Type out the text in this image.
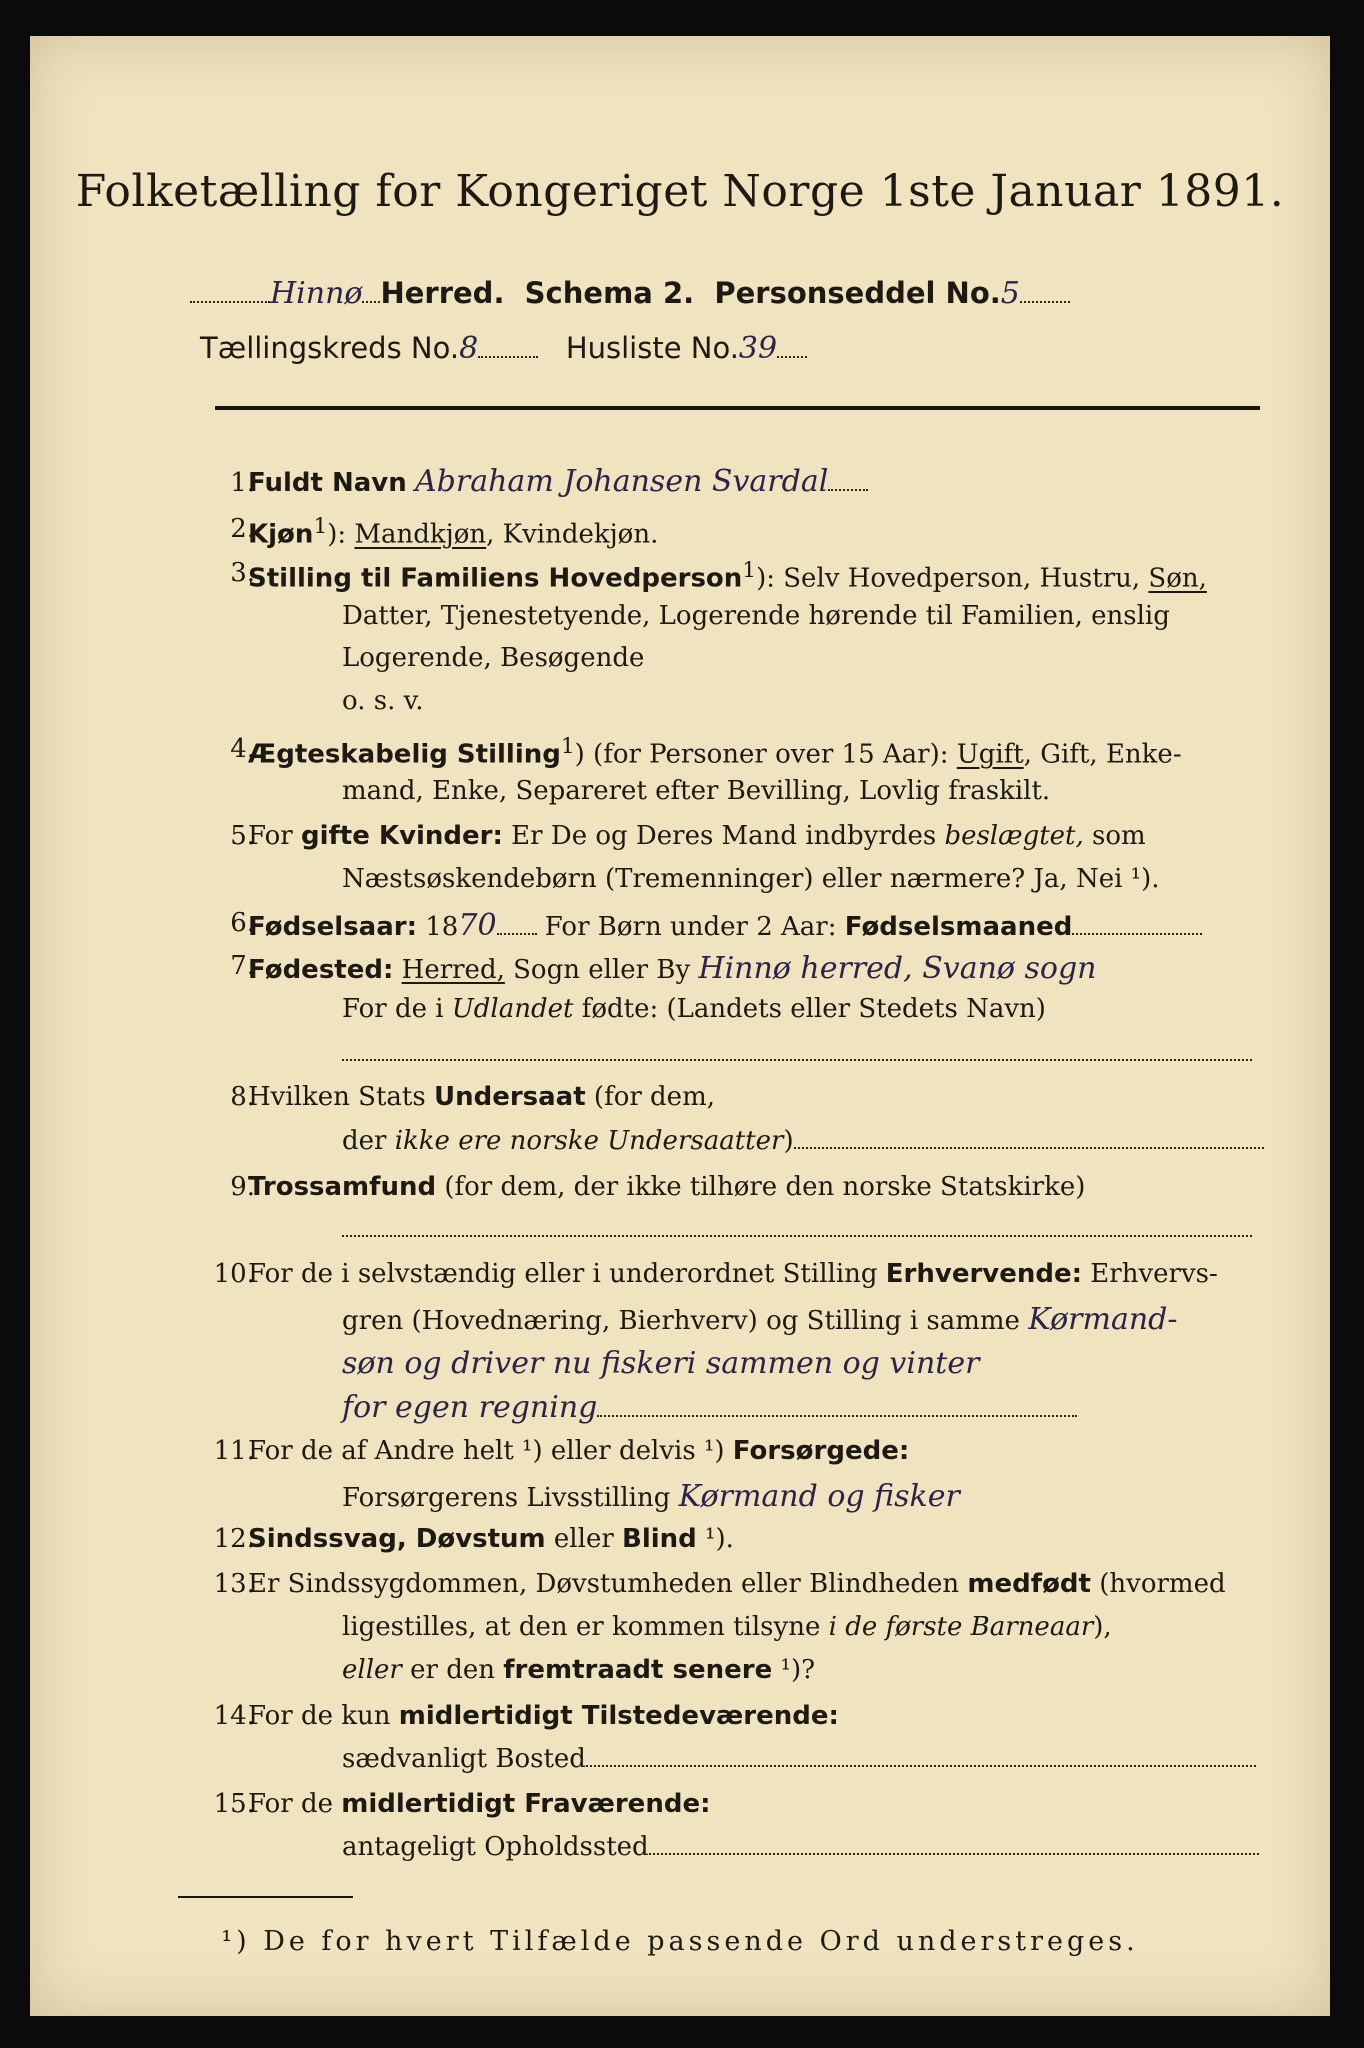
Folketælling for Kongeriget Norge 1ste Januar 1891.
Hinnø Herred. Schema 2. Personseddel No.5
Tællingskreds No.8	Husliste No.39
1.
Fuldt Navn Abraham Johansen Svardal
2.
Kjøn$^1$): Mandkjøn, Kvindekjøn.
3.
Stilling til Familiens Hovedperson$^1$): Selv Hovedperson, Hustru, Søn,
Datter, Tjenestetyende, Logerende hørende til Familien, enslig
Logerende, Besøgende
o. s. v.
4.
Ægteskabelig Stilling$^1$) (for Personer over 15 Aar): Ugift, Gift, Enke-
mand, Enke, Separeret efter Bevilling, Lovlig fraskilt.
5.
For gifte Kvinder: Er De og Deres Mand indbyrdes beslægtet, som
Næstsøskendebørn (Tremenninger) eller nærmere? Ja, Nei ¹).
6.
Fødselsaar: 1870 For Børn under 2 Aar: Fødselsmaaned
7.
Fødested: Herred, Sogn eller By Hinnø herred, Svanø sogn
For de i Udlandet fødte: (Landets eller Stedets Navn)
8.
Hvilken Stats Undersaat (for dem,
der ikke ere norske Undersaatter)
9.
Trossamfund (for dem, der ikke tilhøre den norske Statskirke)
10.
For de i selvstændig eller i underordnet Stilling Erhvervende: Erhvervs-
gren (Hovednæring, Bierhverv) og Stilling i samme Kørmand-
søn og driver nu fiskeri sammen og vinter
for egen regning
11.
For de af Andre helt ¹) eller delvis ¹) Forsørgede:
Forsørgerens Livsstilling Kørmand og fisker
12.
Sindssvag, Døvstum eller Blind ¹).
13.
Er Sindssygdommen, Døvstumheden eller Blindheden medfødt (hvormed
ligestilles, at den er kommen tilsyne i de første Barneaar),
eller er den fremtraadt senere ¹)?
14.
For de kun midlertidigt Tilstedeværende:
sædvanligt Bosted
15.
For de midlertidigt Fraværende:
antageligt Opholdssted
¹) De for hvert Tilfælde passende Ord understreges.
